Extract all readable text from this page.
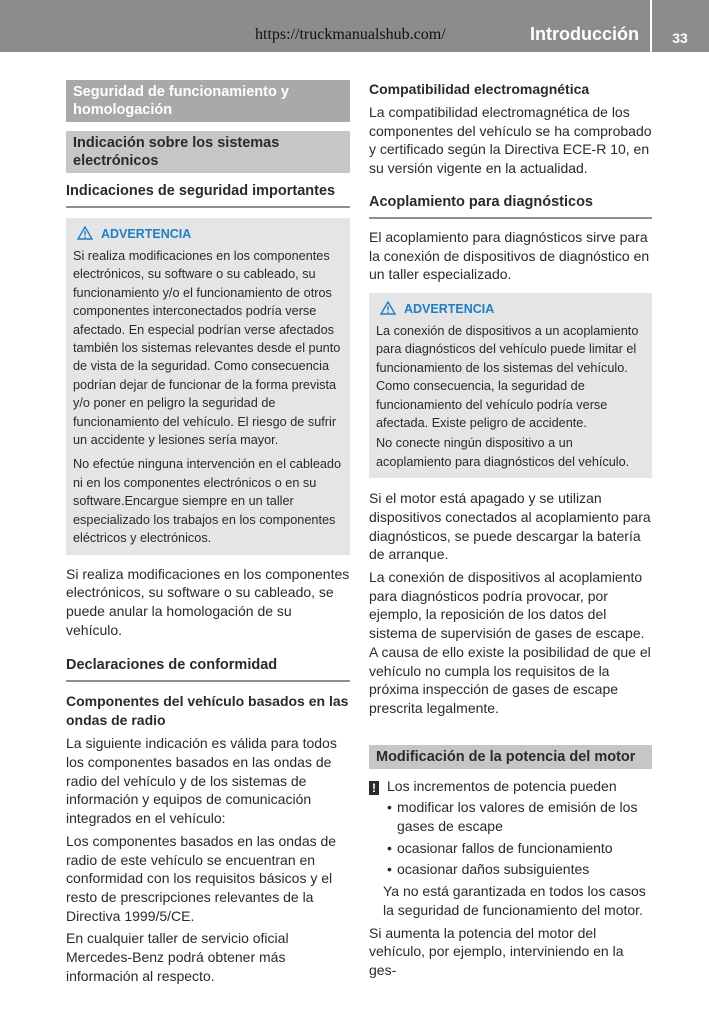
https://truckmanualshub.com/	Introducción	33
Seguridad de funcionamiento y homologación
Indicación sobre los sistemas electrónicos
Indicaciones de seguridad importantes
ADVERTENCIA

Si realiza modificaciones en los componentes electrónicos, su software o su cableado, su funcionamiento y/o el funcionamiento de otros componentes interconectados podría verse afectado. En especial podrían verse afectados también los sistemas relevantes desde el punto de vista de la seguridad. Como consecuencia podrían dejar de funcionar de la forma prevista y/o poner en peligro la seguridad de funcionamiento del vehículo. El riesgo de sufrir un accidente y lesiones sería mayor.

No efectúe ninguna intervención en el cableado ni en los componentes electrónicos o en su software.Encargue siempre en un taller especializado los trabajos en los componentes eléctricos y electrónicos.

Si realiza modificaciones en los componentes electrónicos, su software o su cableado, se puede anular la homologación de su vehículo.

Declaraciones de conformidad
Componentes del vehículo basados en las ondas de radio

La siguiente indicación es válida para todos los componentes basados en las ondas de radio del vehículo y de los sistemas de información y equipos de comunicación integrados en el vehículo:

Los componentes basados en las ondas de radio de este vehículo se encuentran en conformidad con los requisitos básicos y el resto de prescripciones relevantes de la Directiva 1999/5/CE.

En cualquier taller de servicio oficial Mercedes-Benz podrá obtener más información al respecto.

Compatibilidad electromagnética

La compatibilidad electromagnética de los componentes del vehículo se ha comprobado y certificado según la Directiva ECE-R 10, en su versión vigente en la actualidad.

Acoplamiento para diagnósticos

El acoplamiento para diagnósticos sirve para la conexión de dispositivos de diagnóstico en un taller especializado.

ADVERTENCIA

La conexión de dispositivos a un acoplamiento para diagnósticos del vehículo puede limitar el funcionamiento de los sistemas del vehículo. Como consecuencia, la seguridad de funcionamiento del vehículo podría verse afectada. Existe peligro de accidente.

No conecte ningún dispositivo a un acoplamiento para diagnósticos del vehículo.

Si el motor está apagado y se utilizan dispositivos conectados al acoplamiento para diagnósticos, se puede descargar la batería de arranque.

La conexión de dispositivos al acoplamiento para diagnósticos podría provocar, por ejemplo, la reposición de los datos del sistema de supervisión de gases de escape. A causa de ello existe la posibilidad de que el vehículo no cumpla los requisitos de la próxima inspección de gases de escape prescrita legalmente.

Modificación de la potencia del motor

! Los incrementos de potencia pueden

• modificar los valores de emisión de los gases de escape
• ocasionar fallos de funcionamiento
• ocasionar daños subsiguientes

Ya no está garantizada en todos los casos la seguridad de funcionamiento del motor.

Si aumenta la potencia del motor del vehículo, por ejemplo, interviniendo en la ges-
